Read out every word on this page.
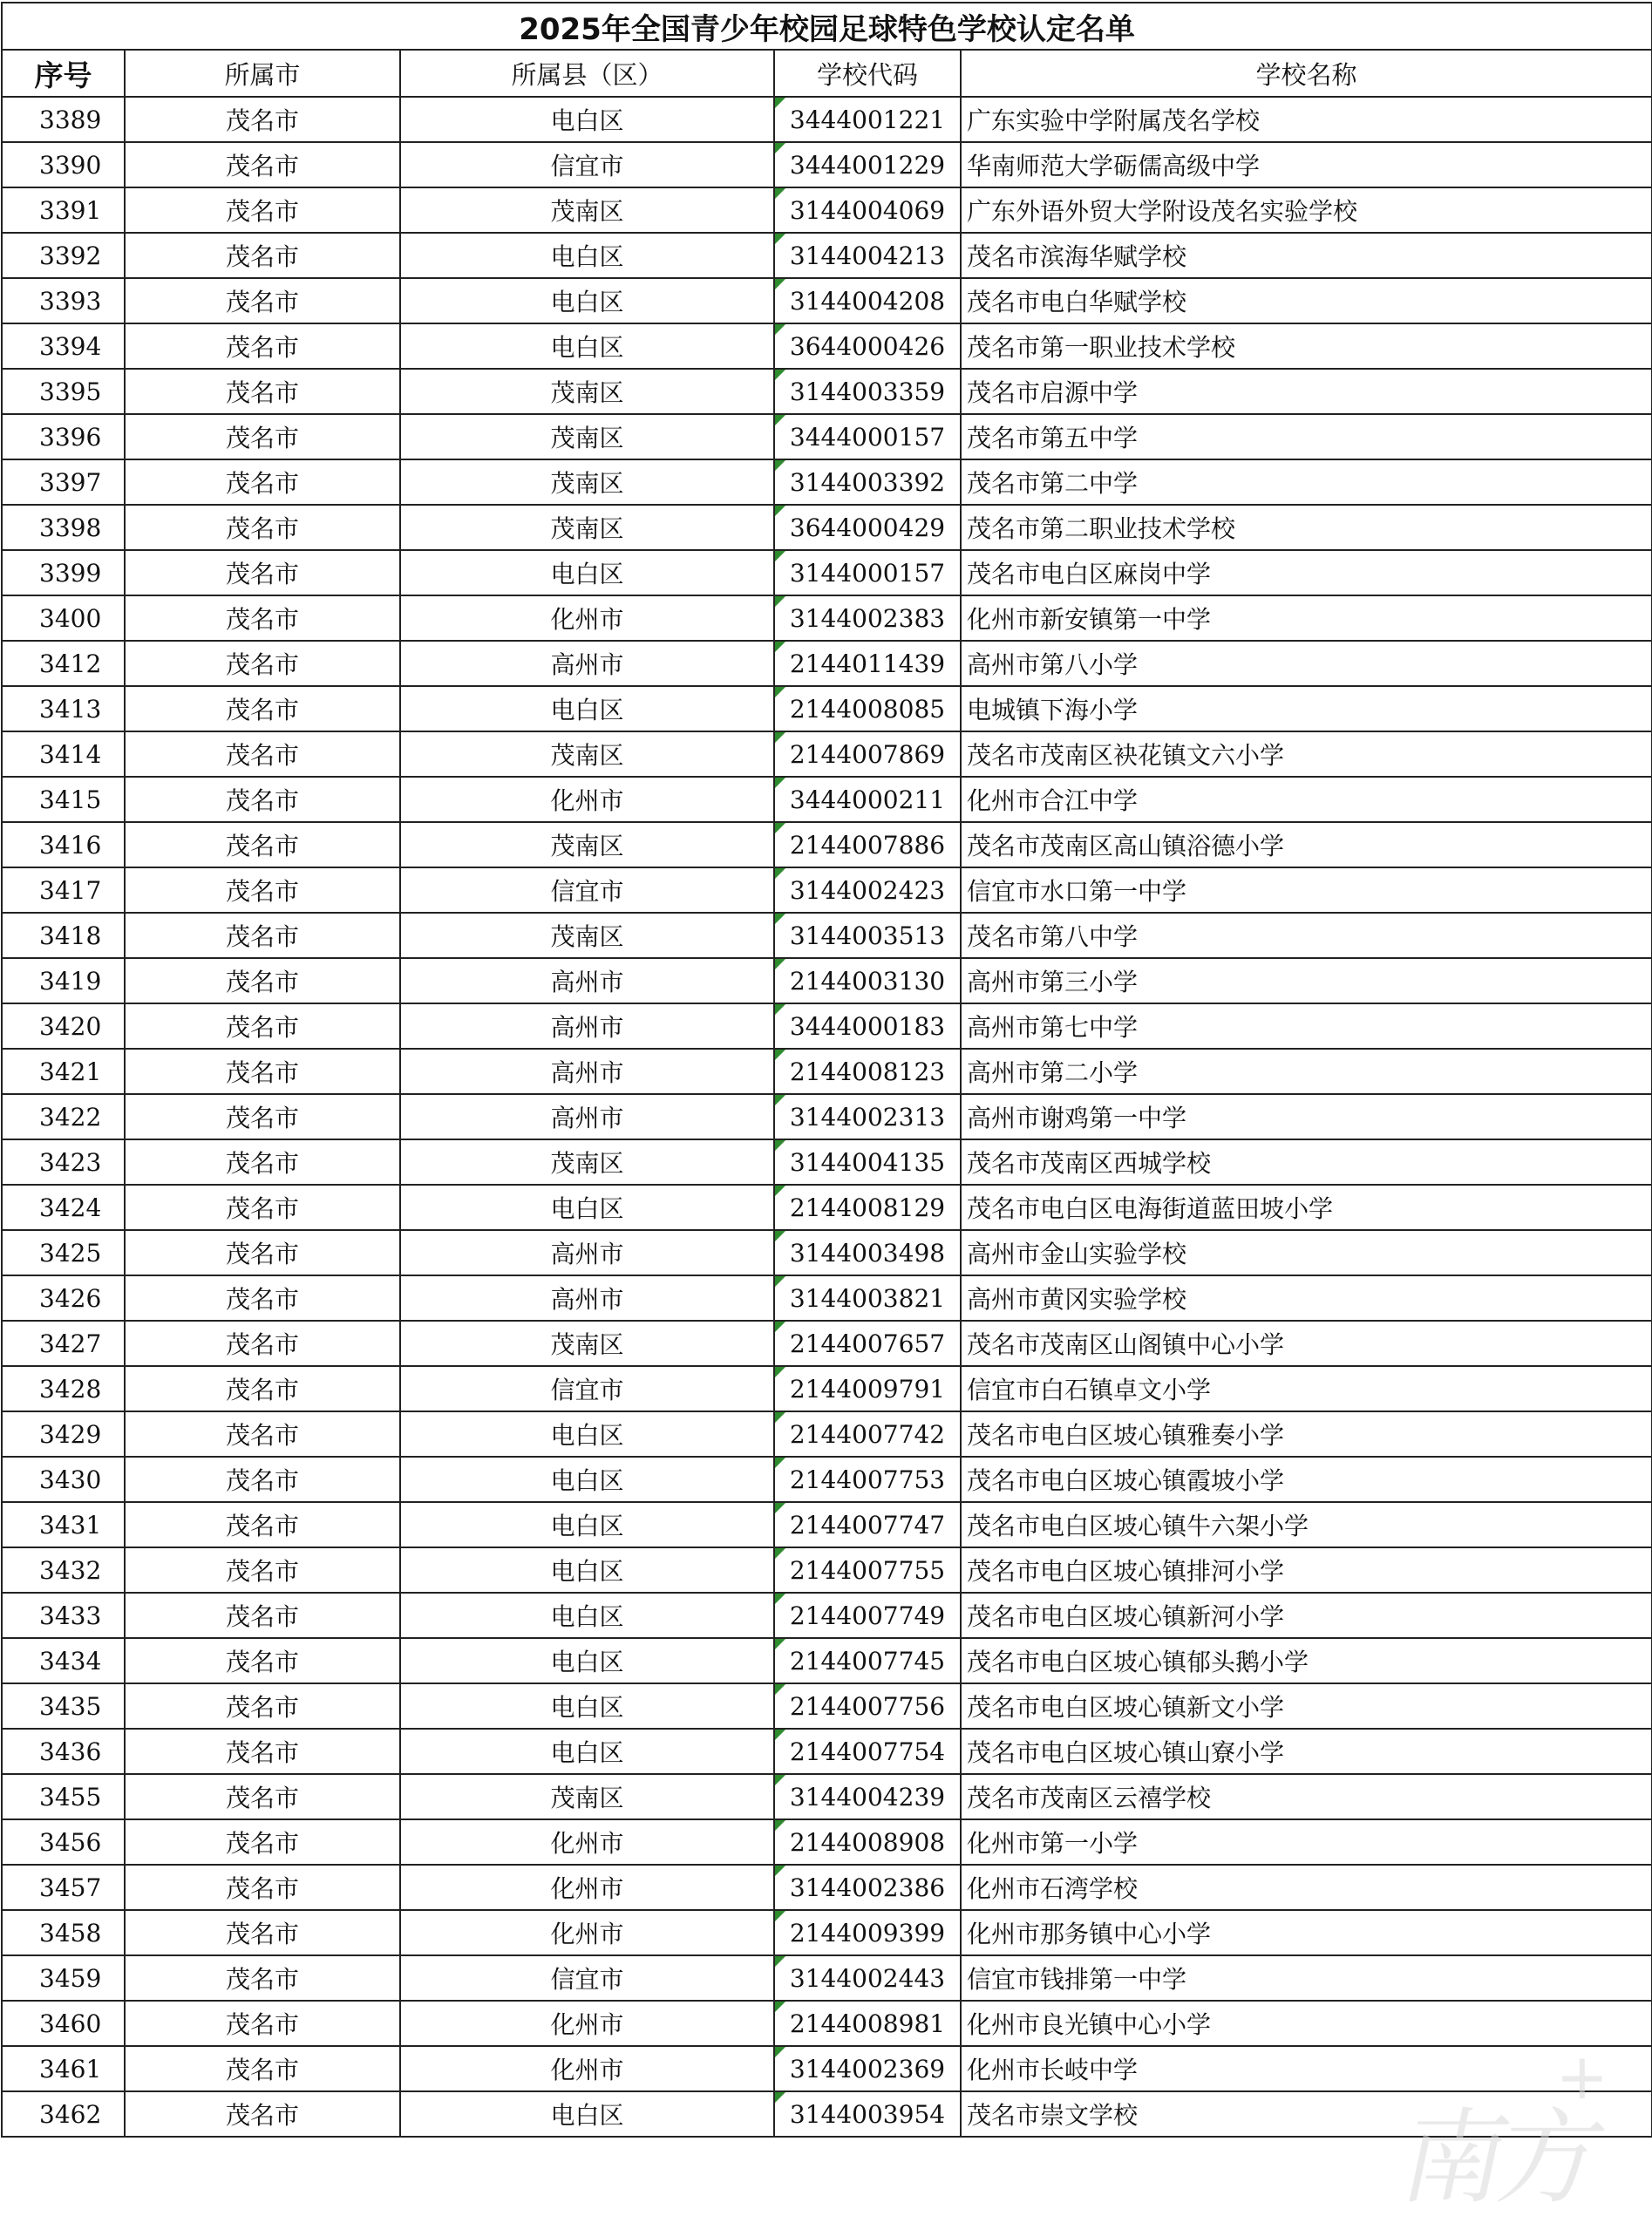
2025年全国青少年校园足球特色学校认定名单				
序号	所属市	所属县（区）	学校代码	学校名称
3389	茂名市	电白区	3444001221	广东实验中学附属茂名学校
3390	茂名市	信宜市	3444001229	华南师范大学砺儒高级中学
3391	茂名市	茂南区	3144004069	广东外语外贸大学附设茂名实验学校
3392	茂名市	电白区	3144004213	茂名市滨海华赋学校
3393	茂名市	电白区	3144004208	茂名市电白华赋学校
3394	茂名市	电白区	3644000426	茂名市第一职业技术学校
3395	茂名市	茂南区	3144003359	茂名市启源中学
3396	茂名市	茂南区	3444000157	茂名市第五中学
3397	茂名市	茂南区	3144003392	茂名市第二中学
3398	茂名市	茂南区	3644000429	茂名市第二职业技术学校
3399	茂名市	电白区	3144000157	茂名市电白区麻岗中学
3400	茂名市	化州市	3144002383	化州市新安镇第一中学
3412	茂名市	高州市	2144011439	高州市第八小学
3413	茂名市	电白区	2144008085	电城镇下海小学
3414	茂名市	茂南区	2144007869	茂名市茂南区袂花镇文六小学
3415	茂名市	化州市	3444000211	化州市合江中学
3416	茂名市	茂南区	2144007886	茂名市茂南区高山镇浴德小学
3417	茂名市	信宜市	3144002423	信宜市水口第一中学
3418	茂名市	茂南区	3144003513	茂名市第八中学
3419	茂名市	高州市	2144003130	高州市第三小学
3420	茂名市	高州市	3444000183	高州市第七中学
3421	茂名市	高州市	2144008123	高州市第二小学
3422	茂名市	高州市	3144002313	高州市谢鸡第一中学
3423	茂名市	茂南区	3144004135	茂名市茂南区西城学校
3424	茂名市	电白区	2144008129	茂名市电白区电海街道蓝田坡小学
3425	茂名市	高州市	3144003498	高州市金山实验学校
3426	茂名市	高州市	3144003821	高州市黄冈实验学校
3427	茂名市	茂南区	2144007657	茂名市茂南区山阁镇中心小学
3428	茂名市	信宜市	2144009791	信宜市白石镇卓文小学
3429	茂名市	电白区	2144007742	茂名市电白区坡心镇雅奏小学
3430	茂名市	电白区	2144007753	茂名市电白区坡心镇霞坡小学
3431	茂名市	电白区	2144007747	茂名市电白区坡心镇牛六架小学
3432	茂名市	电白区	2144007755	茂名市电白区坡心镇排河小学
3433	茂名市	电白区	2144007749	茂名市电白区坡心镇新河小学
3434	茂名市	电白区	2144007745	茂名市电白区坡心镇郁头鹅小学
3435	茂名市	电白区	2144007756	茂名市电白区坡心镇新文小学
3436	茂名市	电白区	2144007754	茂名市电白区坡心镇山寮小学
3455	茂名市	茂南区	3144004239	茂名市茂南区云禧学校
3456	茂名市	化州市	2144008908	化州市第一小学
3457	茂名市	化州市	3144002386	化州市石湾学校
3458	茂名市	化州市	2144009399	化州市那务镇中心小学
3459	茂名市	信宜市	3144002443	信宜市钱排第一中学
3460	茂名市	化州市	2144008981	化州市良光镇中心小学
3461	茂名市	化州市	3144002369	化州市长岐中学
3462	茂名市	电白区	3144003954	茂名市崇文学校 南方
+
